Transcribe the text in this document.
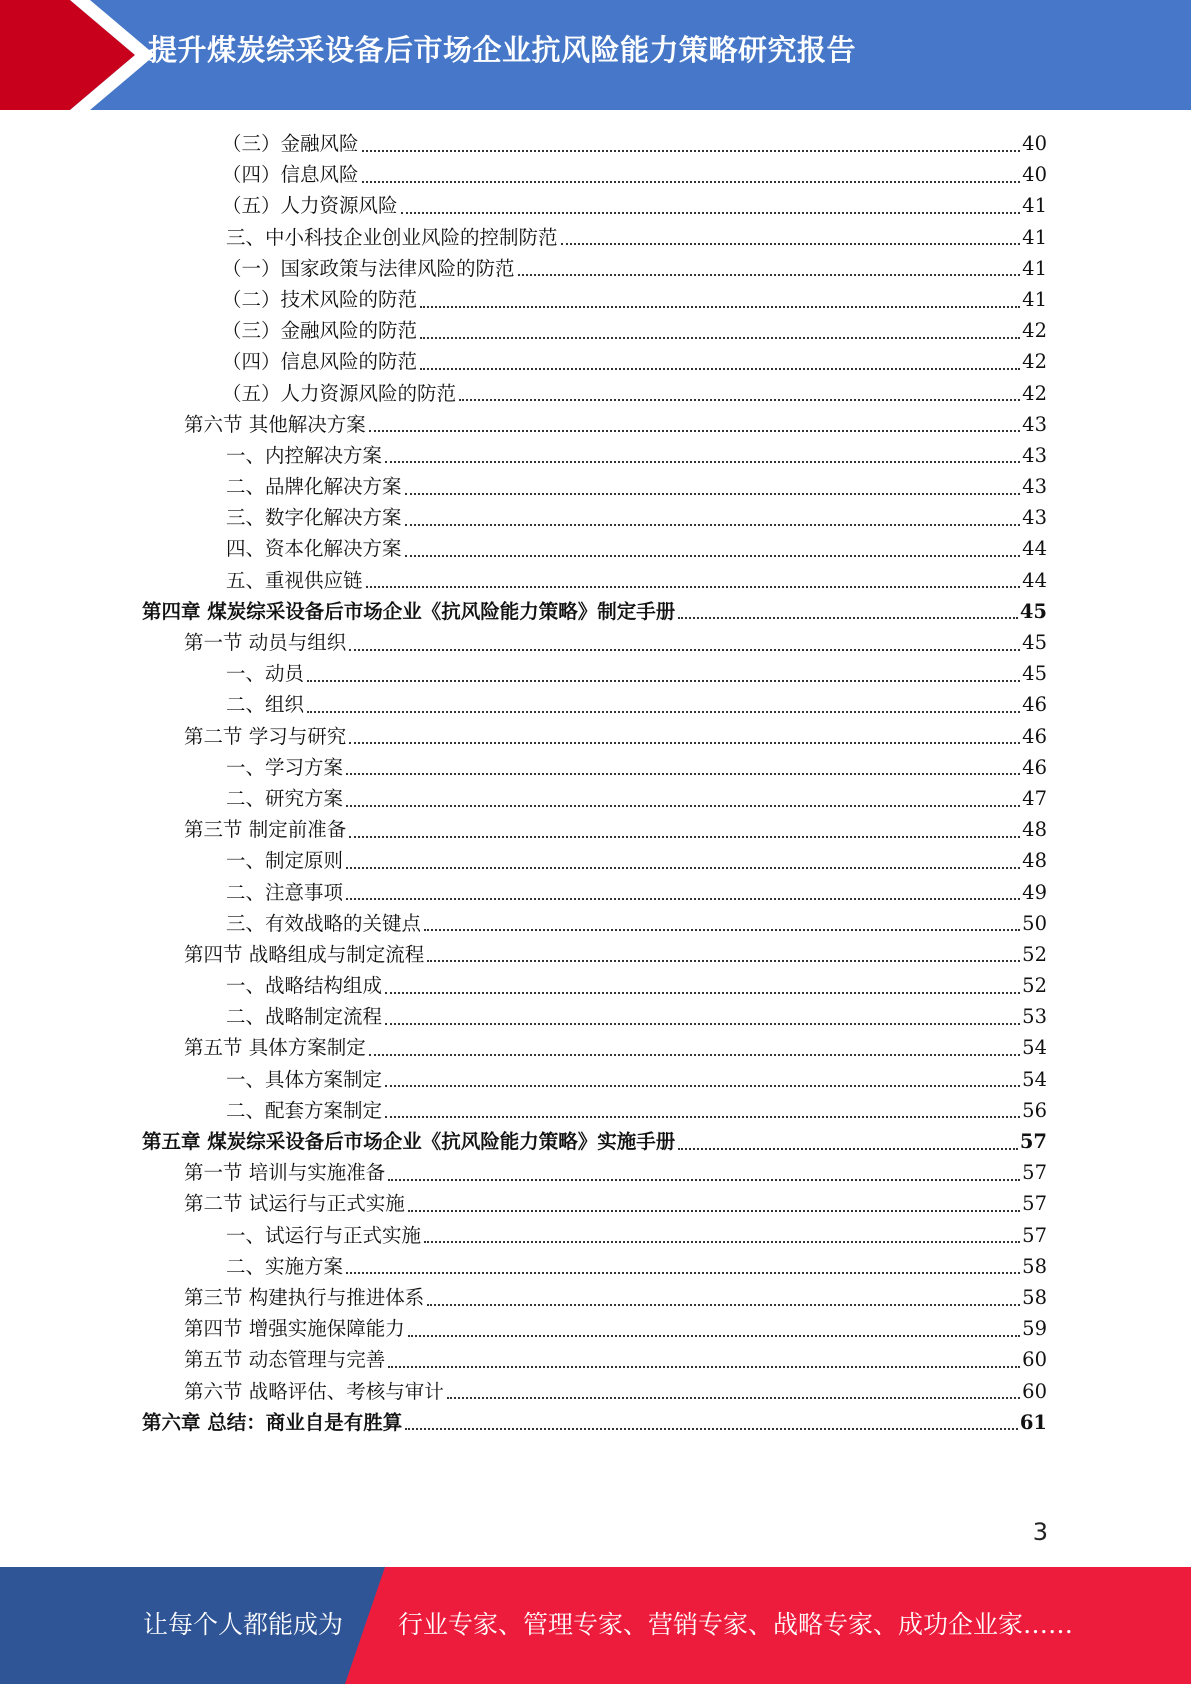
提升煤炭综采设备后市场企业抗风险能力策略研究报告
（三）金融风险	40
（四）信息风险	40
（五）人力资源风险	41
三、中小科技企业创业风险的控制防范	41
（一）国家政策与法律风险的防范	41
（二）技术风险的防范	41
（三）金融风险的防范	42
（四）信息风险的防范	42
（五）人力资源风险的防范	42
第六节 其他解决方案	43
一、内控解决方案	43
二、品牌化解决方案	43
三、数字化解决方案	43
四、资本化解决方案	44
五、重视供应链	44
第四章 煤炭综采设备后市场企业《抗风险能力策略》制定手册	45
第一节 动员与组织	45
一、动员	45
二、组织	46
第二节 学习与研究	46
一、学习方案	46
二、研究方案	47
第三节 制定前准备	48
一、制定原则	48
二、注意事项	49
三、有效战略的关键点	50
第四节 战略组成与制定流程	52
一、战略结构组成	52
二、战略制定流程	53
第五节 具体方案制定	54
一、具体方案制定	54
二、配套方案制定	56
第五章 煤炭综采设备后市场企业《抗风险能力策略》实施手册	57
第一节 培训与实施准备	57
第二节 试运行与正式实施	57
一、试运行与正式实施	57
二、实施方案	58
第三节 构建执行与推进体系	58
第四节 增强实施保障能力	59
第五节 动态管理与完善	60
第六节 战略评估、考核与审计	60
第六章 总结：商业自是有胜算	61
3
让每个人都能成为 行业专家、管理专家、营销专家、战略专家、成功企业家……
